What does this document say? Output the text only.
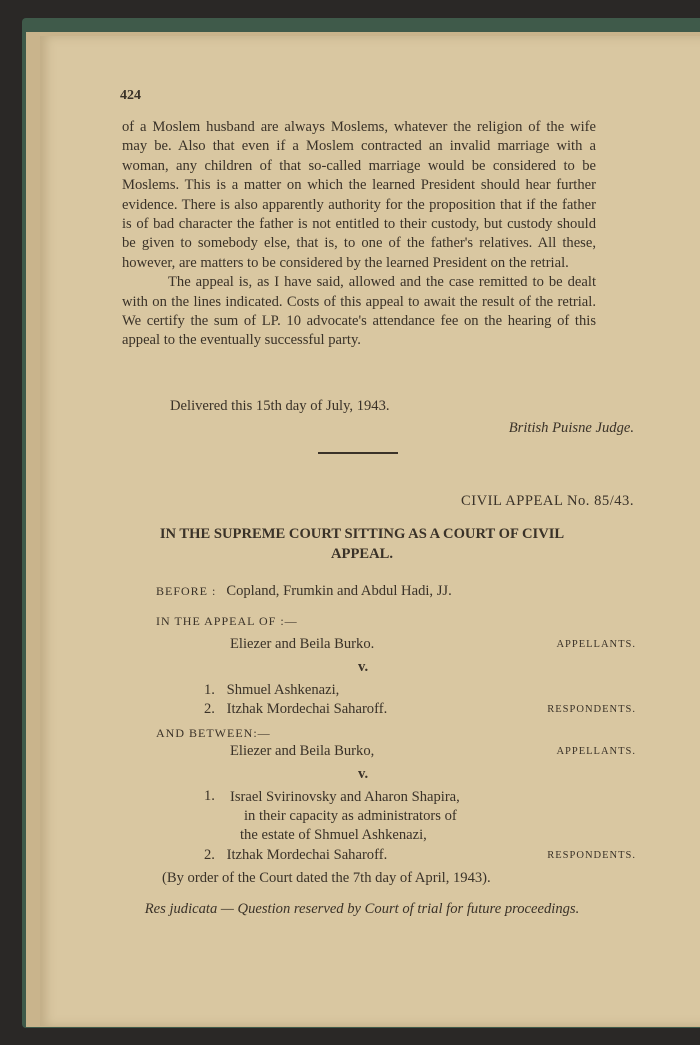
424

of a Moslem husband are always Moslems, whatever the religion of the wife may be. Also that even if a Moslem contracted an invalid marriage with a woman, any children of that so-called marriage would be considered to be Moslems. This is a matter on which the learned President should hear further evidence. There is also apparently authority for the proposition that if the father is of bad character the father is not entitled to their custody, but custody should be given to somebody else, that is, to one of the father's relatives. All these, however, are matters to be considered by the learned President on the retrial.

The appeal is, as I have said, allowed and the case remitted to be dealt with on the lines indicated. Costs of this appeal to await the result of the retrial. We certify the sum of LP. 10 advocate's attendance fee on the hearing of this appeal to the eventually successful party.

Delivered this 15th day of July, 1943.
British Puisne Judge.
CIVIL APPEAL No. 85/43.
IN THE SUPREME COURT SITTING AS A COURT OF CIVIL APPEAL.
BEFORE : Copland, Frumkin and Abdul Hadi, JJ.
IN THE APPEAL OF :—
Eliezer and Beila Burko.	APPELLANTS.
v.
1. Shmuel Ashkenazi,
2. Itzhak Mordechai Saharoff.	RESPONDENTS.
AND BETWEEN:—
Eliezer and Beila Burko,	APPELLANTS.
v.
1. Israel Svirinovsky and Aharon Shapira,
in their capacity as administrators of
the estate of Shmuel Ashkenazi,
2. Itzhak Mordechai Saharoff.	RESPONDENTS.
(By order of the Court dated the 7th day of April, 1943).
Res judicata — Question reserved by Court of trial for future proceedings.
